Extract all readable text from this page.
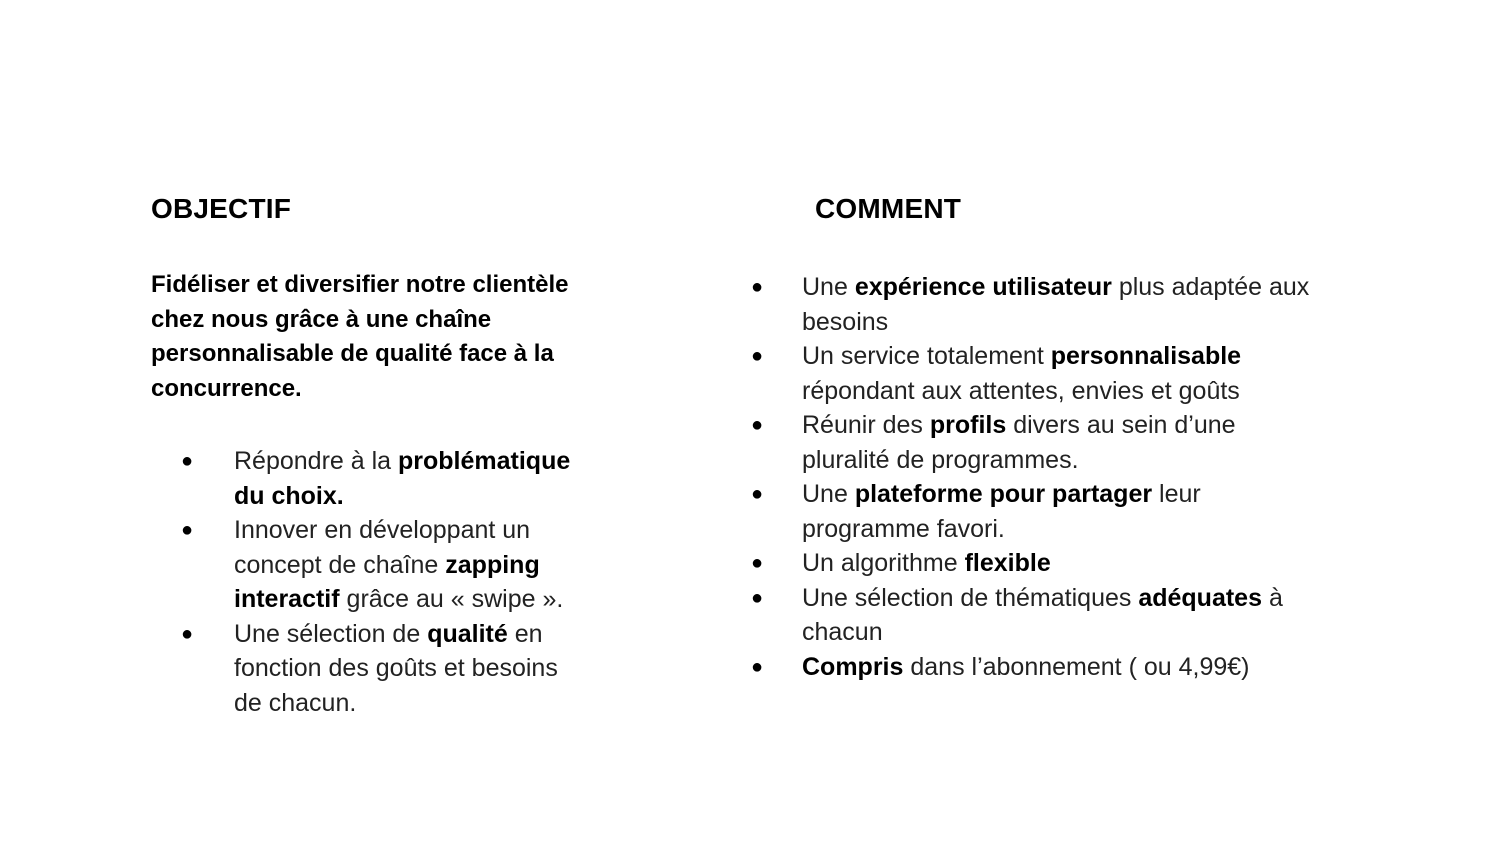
OBJECTIF
Fidéliser et diversifier notre clientèle
chez nous grâce à une chaîne
personnalisable de qualité face à la
concurrence.
● Répondre à la problématique
du choix.
● Innover en développant un
concept de chaîne zapping
interactif grâce au « swipe ».
● Une sélection de qualité en
fonction des goûts et besoins
de chacun.
COMMENT
● Une expérience utilisateur plus adaptée aux
besoins
● Un service totalement personnalisable
répondant aux attentes, envies et goûts
● Réunir des profils divers au sein d’une
pluralité de programmes.
● Une plateforme pour partager leur
programme favori.
● Un algorithme flexible
● Une sélection de thématiques adéquates à
chacun
● Compris dans l’abonnement ( ou 4,99€)
